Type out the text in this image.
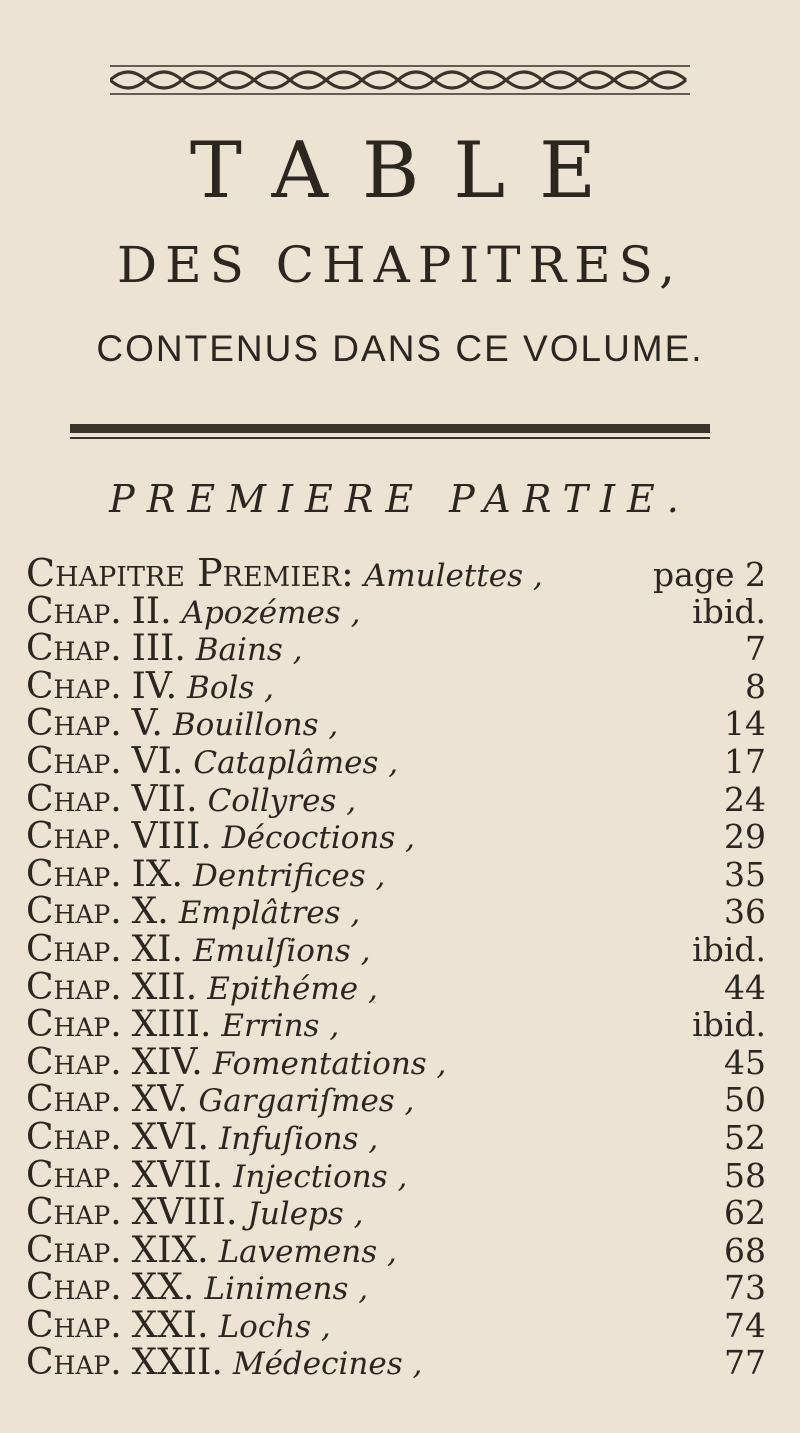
TABLE
DES CHAPITRES,
CONTENUS DANS CE VOLUME.
PREMIERE PARTIE.
Chapitre Premier: Amulettes ,	page 2
Chap. II. Apozémes ,	ibid.
Chap. III. Bains ,	7
Chap. IV. Bols ,	8
Chap. V. Bouillons ,	14
Chap. VI. Cataplâmes ,	17
Chap. VII. Collyres ,	24
Chap. VIII. Décoctions ,	29
Chap. IX. Dentrifices ,	35
Chap. X. Emplâtres ,	36
Chap. XI. Emulſions ,	ibid.
Chap. XII. Epithéme ,	44
Chap. XIII. Errins ,	ibid.
Chap. XIV. Fomentations ,	45
Chap. XV. Gargariſmes ,	50
Chap. XVI. Infuſions ,	52
Chap. XVII. Injections ,	58
Chap. XVIII. Juleps ,	62
Chap. XIX. Lavemens ,	68
Chap. XX. Linimens ,	73
Chap. XXI. Lochs ,	74
Chap. XXII. Médecines ,	77
